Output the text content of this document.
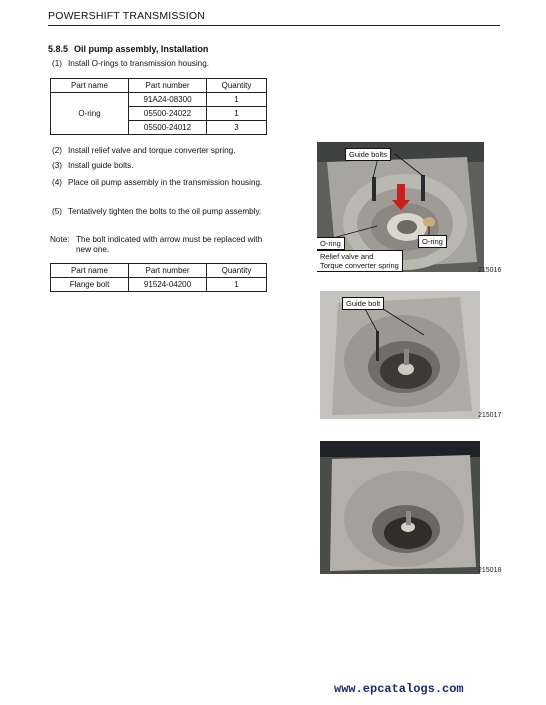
POWERSHIFT TRANSMISSION
5.8.5 Oil pump assembly, Installation
(1) Install O-rings to transmission housing.
Part name	Part number	Quantity
O-ring	91A24-08300	1
	05500-24022	1
	05500-24012	3
(2) Install relief valve and torque converter spring.
(3) Install guide bolts.
(4) Place oil pump assembly in the transmission housing.
(5) Tentatively tighten the bolts to the oil pump assembly.
Note: The bolt indicated with arrow must be replaced with new one.
Part name	Part number	Quantity
Flange bolt	91524-04200	1
Guide bolts
O-ring	O-ring
Relief valve and
Torque converter spring
215016
Guide bolt
215017
215018
www.epcatalogs.com
